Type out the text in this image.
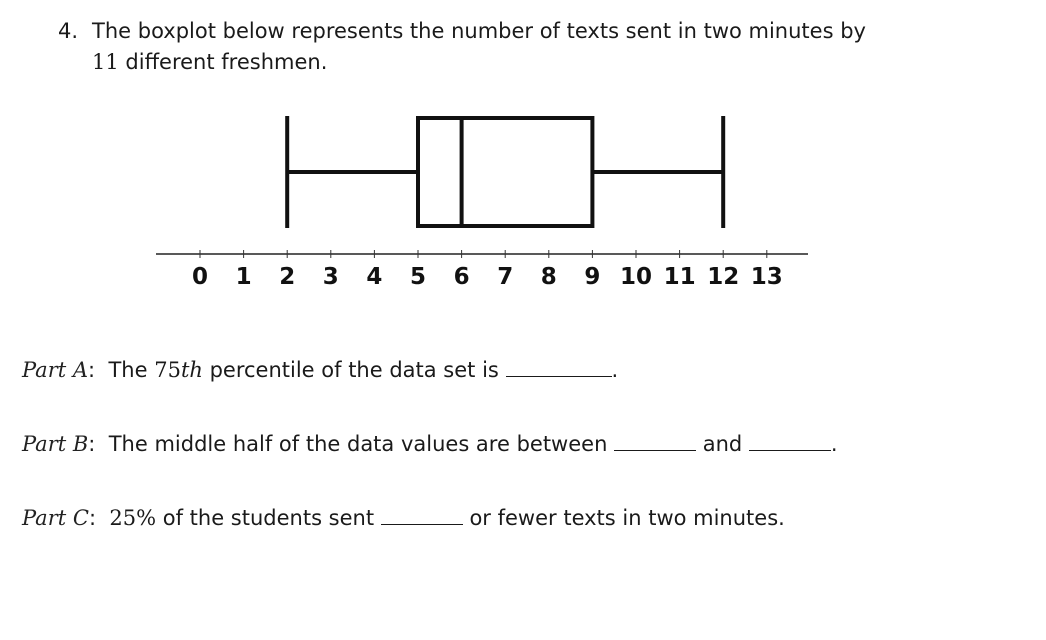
4. The boxplot below represents the number of texts sent in two minutes by
11 different freshmen.
0 1 2 3 4 5 6 7 8 9 10 11 12 13
Part A: The 75th percentile of the data set is	.
Part B: The middle half of the data values are between	and	.
Part C: 25% of the students sent	or fewer texts in two minutes.
